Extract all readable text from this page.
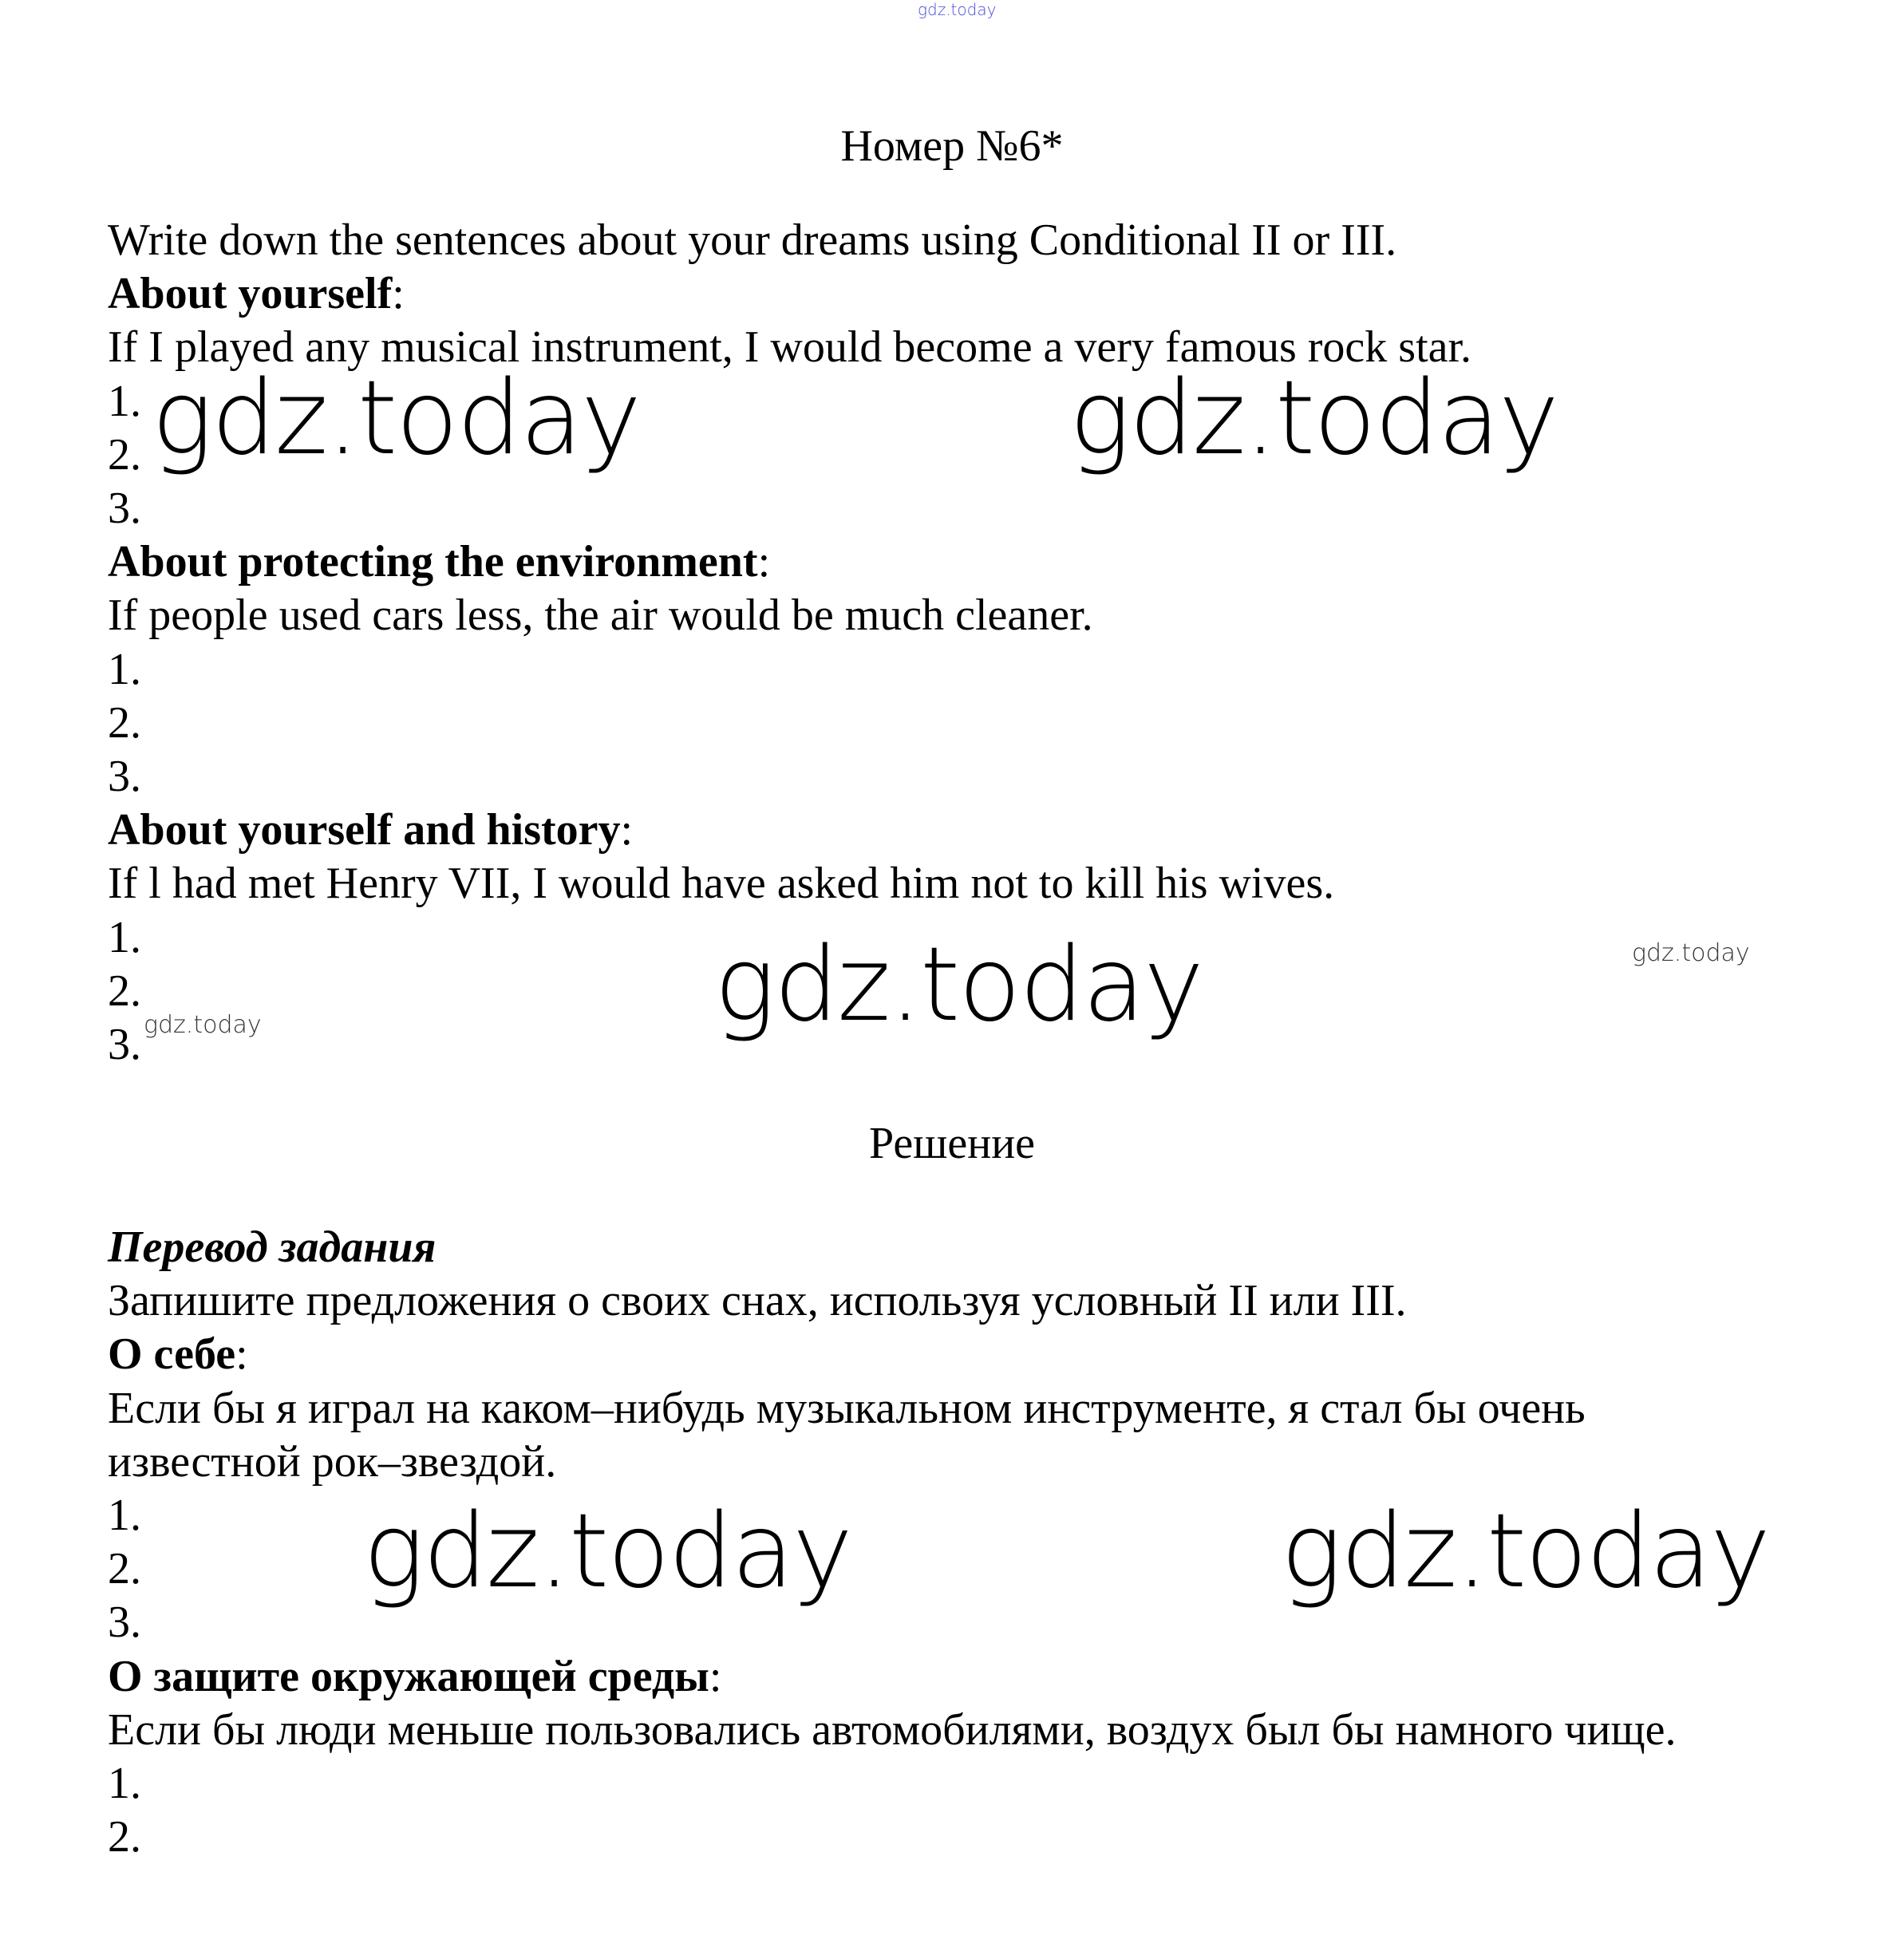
gdz.today
Номер №6*
Write down the sentences about your dreams using Conditional II or III.
About yourself:
If I played any musical instrument, I would become a very famous rock star.
1.
2.
3.
About protecting the environment:
If people used cars less, the air would be much cleaner.
1.
2.
3.
About yourself and history:
If l had met Henry VII, I would have asked him not to kill his wives.
1.
2.
3.
Решение
Перевод задания
Запишите предложения о своих снах, используя условный II или III.
О себе:
Если бы я играл на каком–нибудь музыкальном инструменте, я стал бы очень
известной рок–звездой.
1.
2.
3.
О защите окружающей среды:
Если бы люди меньше пользовались автомобилями, воздух был бы намного чище.
1.
2.
gdz.today	gdz.today
gdz.today	gdz.today
gdz.today
gdz.today	gdz.today
